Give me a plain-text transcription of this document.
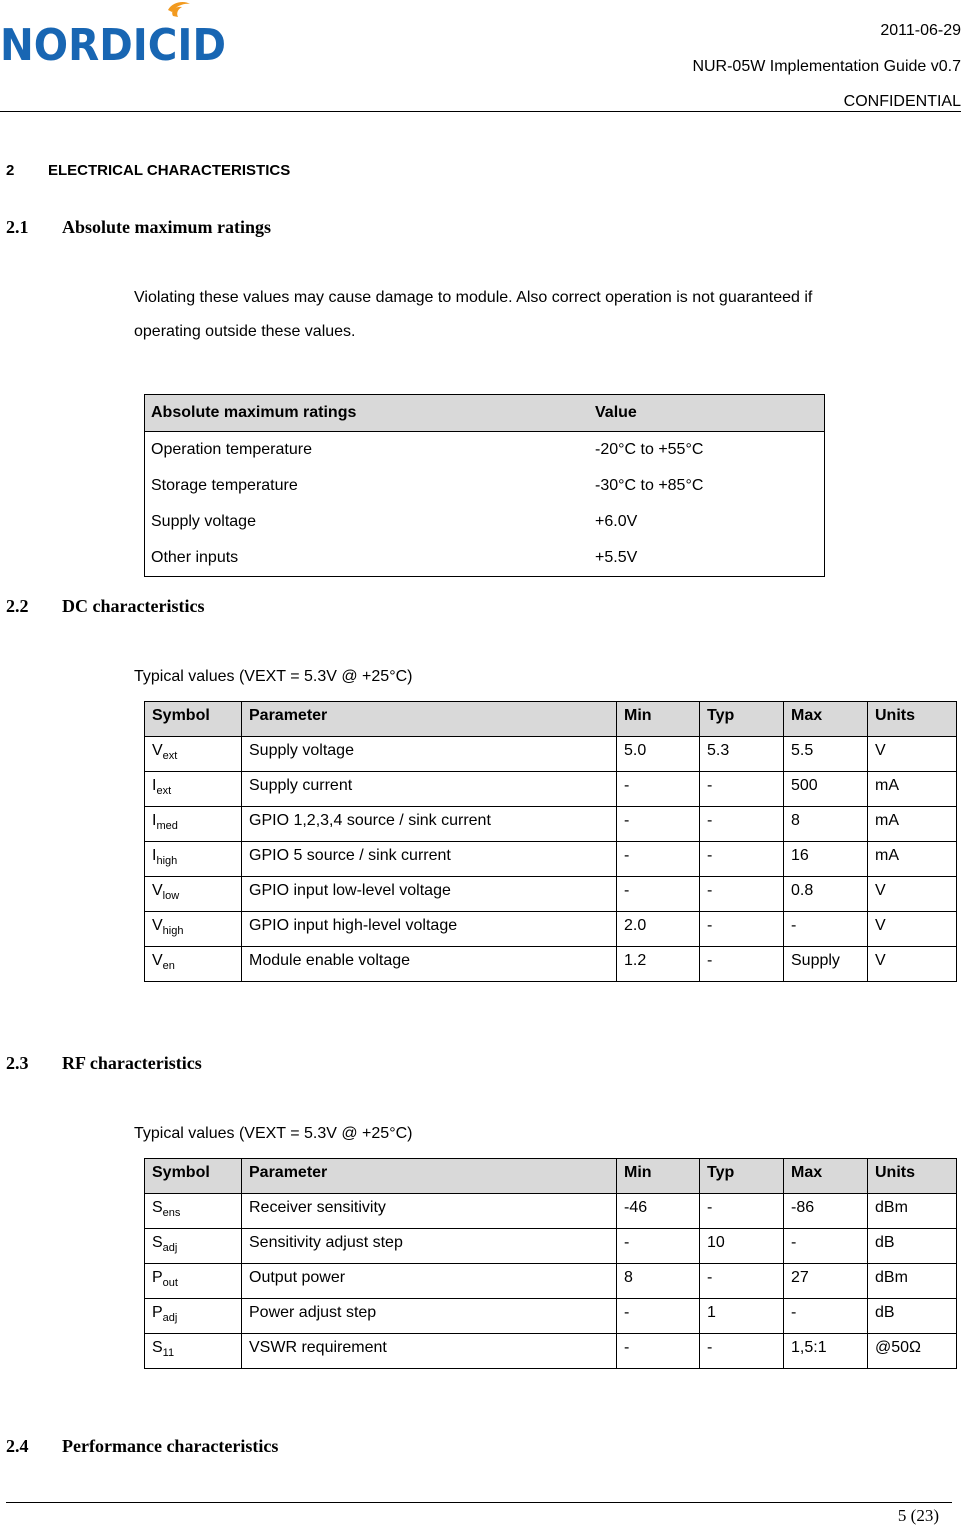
NORDICID	2011-06-29
NUR-05W Implementation Guide v0.7
CONFIDENTIAL
2 ELECTRICAL CHARACTERISTICS
2.1 Absolute maximum ratings
Violating these values may cause damage to module. Also correct operation is not guaranteed if
operating outside these values.
Absolute maximum ratings	Value
Operation temperature	-20°C to +55°C
Storage temperature	-30°C to +85°C
Supply voltage	+6.0V
Other inputs	+5.5V
2.2 DC characteristics
Typical values (VEXT = 5.3V @ +25°C)
Symbol	Parameter	Min	Typ	Max	Units
$V_{ext}$	Supply voltage	5.0	5.3	5.5	V
$I_{ext}$	Supply current	-	-	500	mA
$I_{med}$	GPIO 1,2,3,4 source / sink current	-	-	8	mA
$I_{high}$	GPIO 5 source / sink current	-	-	16	mA
$V_{low}$	GPIO input low-level voltage	-	-	0.8	V
$V_{high}$	GPIO input high-level voltage	2.0	-	-	V
$V_{en}$	Module enable voltage	1.2	-	Supply	V
2.3 RF characteristics
Typical values (VEXT = 5.3V @ +25°C)
Symbol	Parameter	Min	Typ	Max	Units
$S_{ens}$	Receiver sensitivity	-46	-	-86	dBm
$S_{adj}$	Sensitivity adjust step	-	10	-	dB
$P_{out}$	Output power	8	-	27	dBm
$P_{adj}$	Power adjust step	-	1	-	dB
$S_{11}$	VSWR requirement	-	-	1,5:1	@50Ω
2.4 Performance characteristics
5 (23)
